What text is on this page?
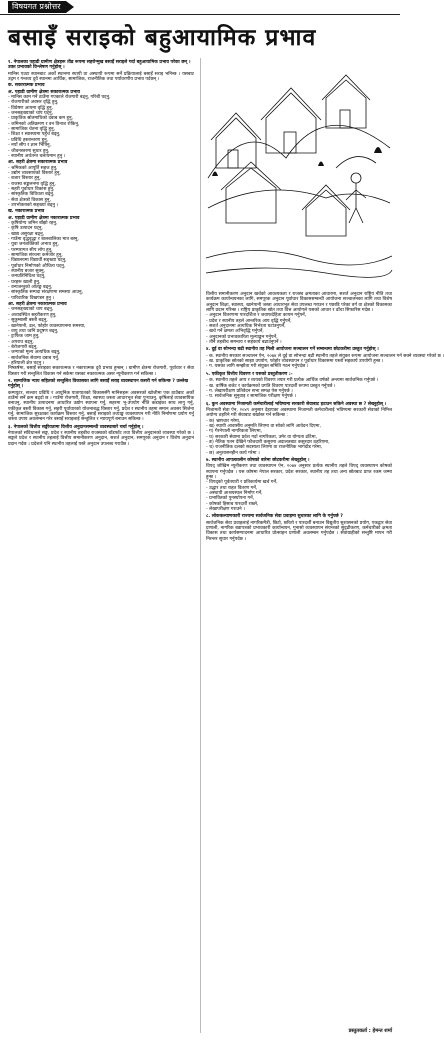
विषयगत प्रश्नोत्तर
बसाइँ सराइको बहुआयामिक प्रभाव
१. नेपालका पहाडी ग्रामीण क्षेत्रहरू तीव्र रूपमा सहरोन्मुख बसाइँ सराइले गर्दा बहुआयामिक प्रभाव परेका छन् । उक्त प्रभावको विश्लेषण गर्नुहोस् ।
मानिस एउटा स्थानबाट अर्को स्थानमा स्थायी वा अस्थायी रूपमा सर्ने प्रक्रियालाई बसाइँ सराइ भनिन्छ । यसबाट उद्गम र गन्तव्य दुवै स्थानमा आर्थिक, सामाजिक, राजनीतिक तथा पर्यावरणीय प्रभाव पर्दछन् ।
क. सकारात्मक प्रभाव
अ. पहाडी ग्रामीण क्षेत्रमा सकारात्मक प्रभाव
- मानिस काम गर्ने ठाउँमा गएकाले रोजगारी बढ्नु, गरिबी घट्नु,
- रोजगारीको अवसर वृद्धि हुनु,
- विप्रेषण आयमा वृद्धि हुनु,
- जनसङ्ख्याको चाप घट्नु,
- प्राकृतिक स्रोतमाथिको दबाब कम हुनु,
- जमिनको अतिक्रमण र वन विनाश रोकिनु,
- सामाजिक चेतना वृद्धि हुनु,
- शिक्षा र स्वास्थ्यमा पहुँच बढ्नु,
- प्रविधि हस्तान्तरण हुनु,
- नयाँ सीप र ज्ञान भित्रिनु,
- जीवनस्तरमा सुधार हुनु,
- स्थानीय अर्थतन्त्र चलायमान हुनु ।
आ. सहरी क्षेत्रमा सकारात्मक प्रभाव
- श्रमिकको आपूर्ति सहज हुनु,
- उद्योग व्यवसायको विस्तार हुनु,
- बजार विस्तार हुनु,
- राजस्व सङ्कलनमा वृद्धि हुनु,
- सहरी पूर्वाधार विकास हुनु,
- सांस्कृतिक विविधता बढ्नु,
- सेवा क्षेत्रको विकास हुनु,
- उपभोक्ताको सङ्ख्या बढ्नु ।
ख. नकारात्मक प्रभाव
अ. पहाडी ग्रामीण क्षेत्रमा नकारात्मक प्रभाव
- कृषियोग्य जमिन बाँझो रहनु,
- कृषि उत्पादन घट्नु,
- खाद्य असुरक्षा बढ्नु,
- गाउँमा वृद्धवृद्धा र बालबालिका मात्र बस्नु,
- युवा जनशक्तिको अभाव हुनु,
- परम्परागत सीप लोप हुनु,
- सामाजिक संरचना कमजोर हुनु,
- विद्यालयमा विद्यार्थी सङ्ख्या घट्नु,
- पूर्वाधार निर्माणको औचित्य घट्नु,
- स्थानीय बजार सुक्नु,
- जनप्रतिनिधित्व घट्नु,
- घरहरू खाली हुनु,
- वन्यजन्तुको आतङ्क बढ्नु,
- सांस्कृतिक सम्पदा संरक्षणमा समस्या आउनु,
- पारिवारिक विखण्डन हुनु ।
आ. सहरी क्षेत्रमा नकारात्मक प्रभाव
- जनसङ्ख्याको चाप बढ्नु,
- अव्यवस्थित सहरीकरण हुनु,
- सुकुम्बासी बस्ती बढ्नु,
- खानेपानी, ढल, फोहोर व्यवस्थापनमा समस्या,
- वायु तथा ध्वनि प्रदूषण बढ्नु,
- ट्राफिक जाम हुनु,
- अपराध बढ्नु,
- बेरोजगारी बढ्नु,
- जग्गाको मूल्य अत्यधिक बढ्नु,
- सार्वजनिक सेवामा दबाब पर्नु,
- हरियाली क्षेत्र घट्नु ।
निष्कर्षमा, बसाइँ सराइका सकारात्मक र नकारात्मक दुवै प्रभाव हुन्छन् । ग्रामीण क्षेत्रमा रोजगारी, पूर्वाधार र सेवा विस्तार गरी सन्तुलित विकास गर्न सकेमा यसका नकारात्मक असर न्यूनीकरण गर्न सकिन्छ ।
२. सामाजिक न्याय सहितको सन्तुलित विकासका लागि बसाइँ सराइ व्यवस्थापन कसरी गर्न सकिन्छ ? उल्लेख गर्नुहोस् ।
कम्पयुटर, सञ्चार प्रविधि र आधुनिक यातायातको विकाससँगै मानिसहरू अवसरको खोजीमा एक ठाउँबाट अर्को ठाउँमा सर्ने क्रम बढ्दो छ । गाउँमा रोजगारी, शिक्षा, स्वास्थ्य जस्ता आधारभूत सेवा पुर्‍याउनु, कृषिलाई व्यावसायिक बनाउनु, स्थानीय उत्पादनमा आधारित उद्योग स्थापना गर्नु, सहरमा भू-उपयोग नीति कडाइका साथ लागु गर्नु, एकीकृत बस्ती विकास गर्नु, सहरी पूर्वाधारको योजनाबद्ध विस्तार गर्नु, प्रदेश र स्थानीय तहमा समान अवसर सिर्जना गर्नु, सामाजिक सुरक्षाका कार्यक्रम विस्तार गर्नु, बसाइँ सराइको तथ्याङ्क व्यवस्थापन गरी नीति निर्माणमा प्रयोग गर्नु जस्ता उपाय अवलम्बन गरेर बसाइँ सराइलाई सन्तुलित र न्यायपूर्ण बनाउन सकिन्छ ।
३. नेपालको वित्तीय सङ्घीयतामा वित्तीय अनुदानसम्बन्धी व्यवस्थाबारे चर्चा गर्नुहोस् ।
नेपालको संविधानले सङ्घ, प्रदेश र स्थानीय तहबीच राजस्वको बाँडफाँट तथा वित्तीय अनुदानको व्यवस्था गरेको छ । सङ्घले प्रदेश र स्थानीय तहलाई वित्तीय समानीकरण अनुदान, सशर्त अनुदान, समपूरक अनुदान र विशेष अनुदान प्रदान गर्दछ । प्रदेशले पनि स्थानीय तहलाई यस्तै अनुदान उपलब्ध गराउँछ ।
वित्तीय समानीकरण अनुदान खर्चको आवश्यकता र राजस्व क्षमताका आधारमा, सशर्त अनुदान राष्ट्रिय नीति तथा कार्यक्रम कार्यान्वयनका लागि, समपूरक अनुदान पूर्वाधार विकाससम्बन्धी आयोजना सञ्चालनका लागि तथा विशेष अनुदान शिक्षा, स्वास्थ्य, खानेपानी जस्ता आधारभूत सेवा उपलब्ध गराउन र पछाडि परेका वर्ग वा क्षेत्रको विकासका लागि प्रदान गरिन्छ । राष्ट्रिय प्राकृतिक स्रोत तथा वित्त आयोगले यसको आधार र ढाँचा सिफारिस गर्दछ ।
- अनुदान वितरणमा पारदर्शिता र जवाफदेहिता कायम गर्नुपर्ने,
- प्रदेश र स्थानीय तहले आन्तरिक आय वृद्धि गर्नुपर्ने,
- सशर्त अनुदानमा अत्यधिक निर्भरता घटाउनुपर्ने,
- खर्च गर्ने क्षमता अभिवृद्धि गर्नुपर्ने,
- अनुदानको प्रभावकारिता मूल्याङ्कन गर्नुपर्ने,
- तीनै तहबीच समन्वय र सहकार्य बढाउनुपर्ने ।
४. दुई वा सोभन्दा बढी स्थानीय तह मिली आयोजना सञ्चालन गर्ने सम्बन्धमा छोटकरीमा प्रस्तुत गर्नुहोस् ।
- क. स्थानीय सरकार सञ्चालन ऐन, २०७४ ले दुई वा सोभन्दा बढी स्थानीय तहले संयुक्त रूपमा आयोजना सञ्चालन गर्न सक्ने व्यवस्था गरेको छ ।
- ख. प्राकृतिक स्रोतको साझा उपयोग, फोहोर व्यवस्थापन र पूर्वाधार विकासमा यस्तो सहकार्य उपयोगी हुन्छ ।
- ग. यसका लागि सम्झौता गरी संयुक्त समिति गठन गर्नुपर्दछ ।
५. एकीकृत वित्तीय विवरण र यसको प्रस्तुतीकरण :-
- क. स्थानीय तहले आय र व्ययको विवरण तयार गरी प्रत्येक आर्थिक वर्षको अन्त्यमा सार्वजनिक गर्नुपर्छ ।
- ख. वार्षिक बजेट र कार्यक्रमको प्रगति विवरण पारदर्शी रूपमा प्रस्तुत गर्नुपर्छ ।
- ग. लेखापरीक्षण प्रतिवेदन सभा समक्ष पेस गर्नुपर्छ ।
- घ. सार्वजनिक सुनुवाइ र सामाजिक परीक्षण गर्नुपर्छ ।
६. कुन अवस्थामा निजामती कर्मचारीलाई भविष्यमा सरकारी सेवाबाट हटाउन सकिने अवस्था छ ? लेख्नुहोस् ।
निजामती सेवा ऐन, २०४९ अनुसार देहायका अवस्थामा निजामती कर्मचारीलाई भविष्यमा सरकारी सेवाको निमित्त अयोग्य ठहरिने गरी सेवाबाट बर्खास्त गर्न सकिन्छ :
- क) भ्रष्टाचार गरेमा,
- ख) स्थायी आवासीय अनुमति लिएमा वा सोको लागि आवेदन दिएमा,
- ग) गैरनेपाली नागरिकता लिएमा,
- घ) सरकारी सेवामा प्रवेश गर्दा नागरिकता, उमेर वा योग्यता ढाँटेमा,
- ङ) नैतिक पतन देखिने फौजदारी कसुरमा अदालतबाट कसुरदार ठहरिएमा,
- च) राजनीतिक दलको सदस्यता लिएमा वा राजनीतिक भागदौड गरेमा,
- छ) अनुशासनहीन कार्य गरेमा ।
७. स्थानीय आपत्कालीन कोषको बारेमा छोटकरीमा लेख्नुहोस् ।
विपद् जोखिम न्यूनीकरण तथा व्यवस्थापन ऐन, २०७४ अनुसार प्रत्येक स्थानीय तहले विपद् व्यवस्थापन कोषको स्थापना गर्नुपर्दछ । यस कोषमा नेपाल सरकार, प्रदेश सरकार, स्थानीय तह तथा अन्य स्रोतबाट प्राप्त रकम जम्मा हुन्छ ।
- विपद्‍को पूर्वतयारी र प्रतिकार्यमा खर्च गर्ने,
- उद्धार तथा राहत वितरण गर्ने,
- अस्थायी आश्रयस्थल निर्माण गर्ने,
- प्रभावितको पुनर्स्थापना गर्ने,
- कोषको हिसाब पारदर्शी राख्ने,
- लेखापरीक्षण गराउने ।
८. लोककल्याणकारी राज्यमा सार्वजनिक सेवा प्रवाहमा सुधारका लागि के गर्नुपर्छ ?
सार्वजनिक सेवा प्रवाहलाई नागरिकमैत्री, छिटो, छरितो र पारदर्शी बनाउन विद्युतीय सुशासनको प्रयोग, एकद्वार सेवा प्रणाली, नागरिक बडापत्रको प्रभावकारी कार्यान्वयन, गुनासो व्यवस्थापन संयन्त्रको सुदृढीकरण, कर्मचारीको क्षमता विकास तथा कार्यसम्पादनमा आधारित प्रोत्साहन प्रणाली अवलम्बन गर्नुपर्दछ । सेवाग्राहीको सन्तुष्टि मापन गरी निरन्तर सुधार गर्नुपर्दछ ।
प्रस्तुतकर्ता : हेमन्त शर्मा
